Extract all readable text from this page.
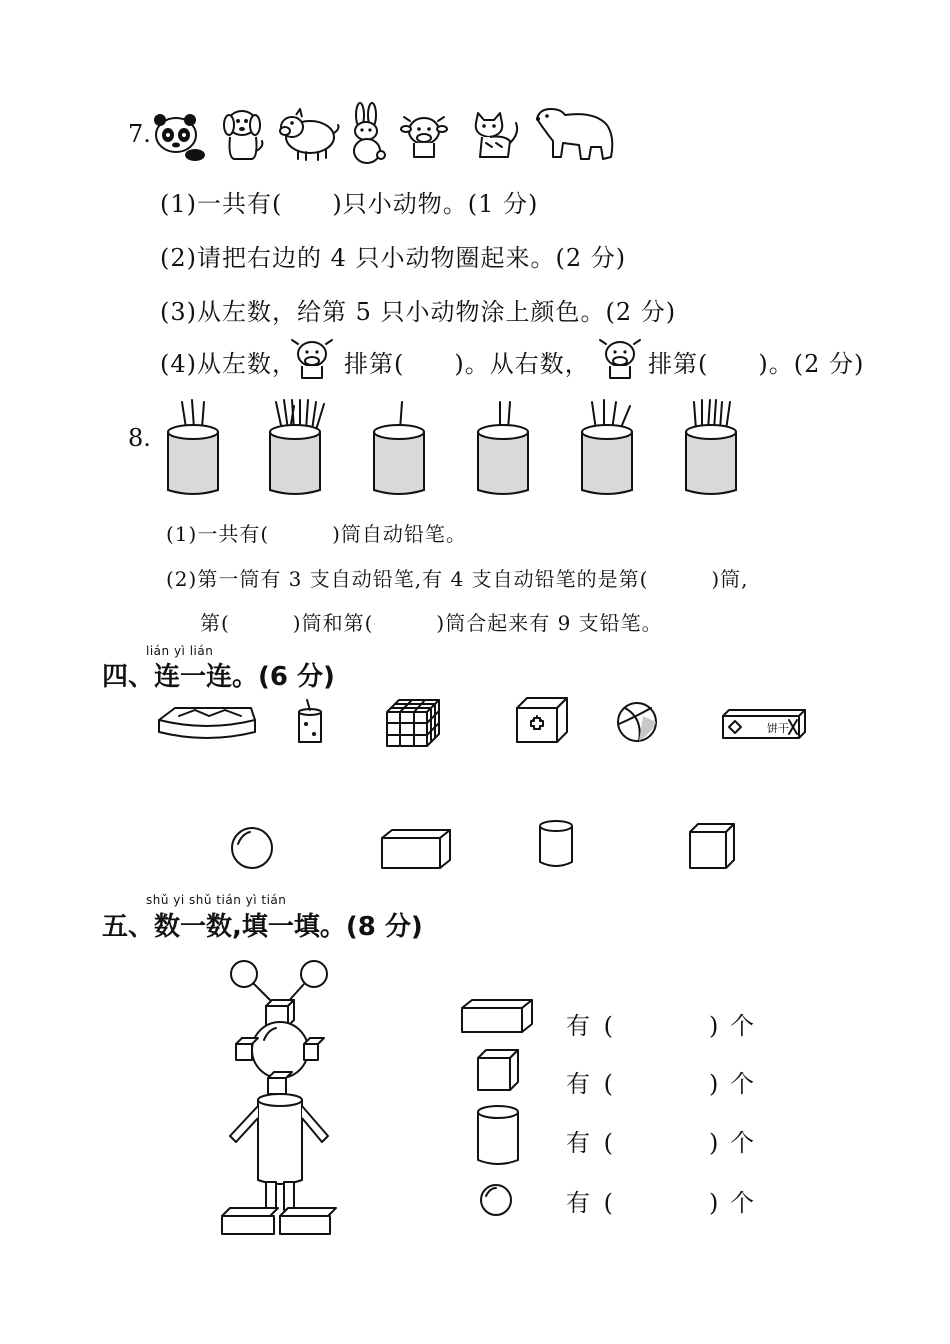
7.
(1)一共有(　　)只小动物。(1 分)
(2)请把右边的 4 只小动物圈起来。(2 分)
(3)从左数，给第 5 只小动物涂上颜色。(2 分)
(4)从左数， 排第(　　)。从右数， 排第(　　)。(2 分)
8.
(1)一共有(　　　)筒自动铅笔。
(2)第一筒有 3 支自动铅笔,有 4 支自动铅笔的是第(　　　)筒,
第(　　　)筒和第(　　　)筒合起来有 9 支铅笔。
lián yì lián
四、连一连。(6 分)
饼干
shǔ yi shǔ tián yì tián
五、数一数,填一填。(8 分)
有 (　　　　) 个
有 (　　　　) 个
有 (　　　　) 个
有 (　　　　) 个
